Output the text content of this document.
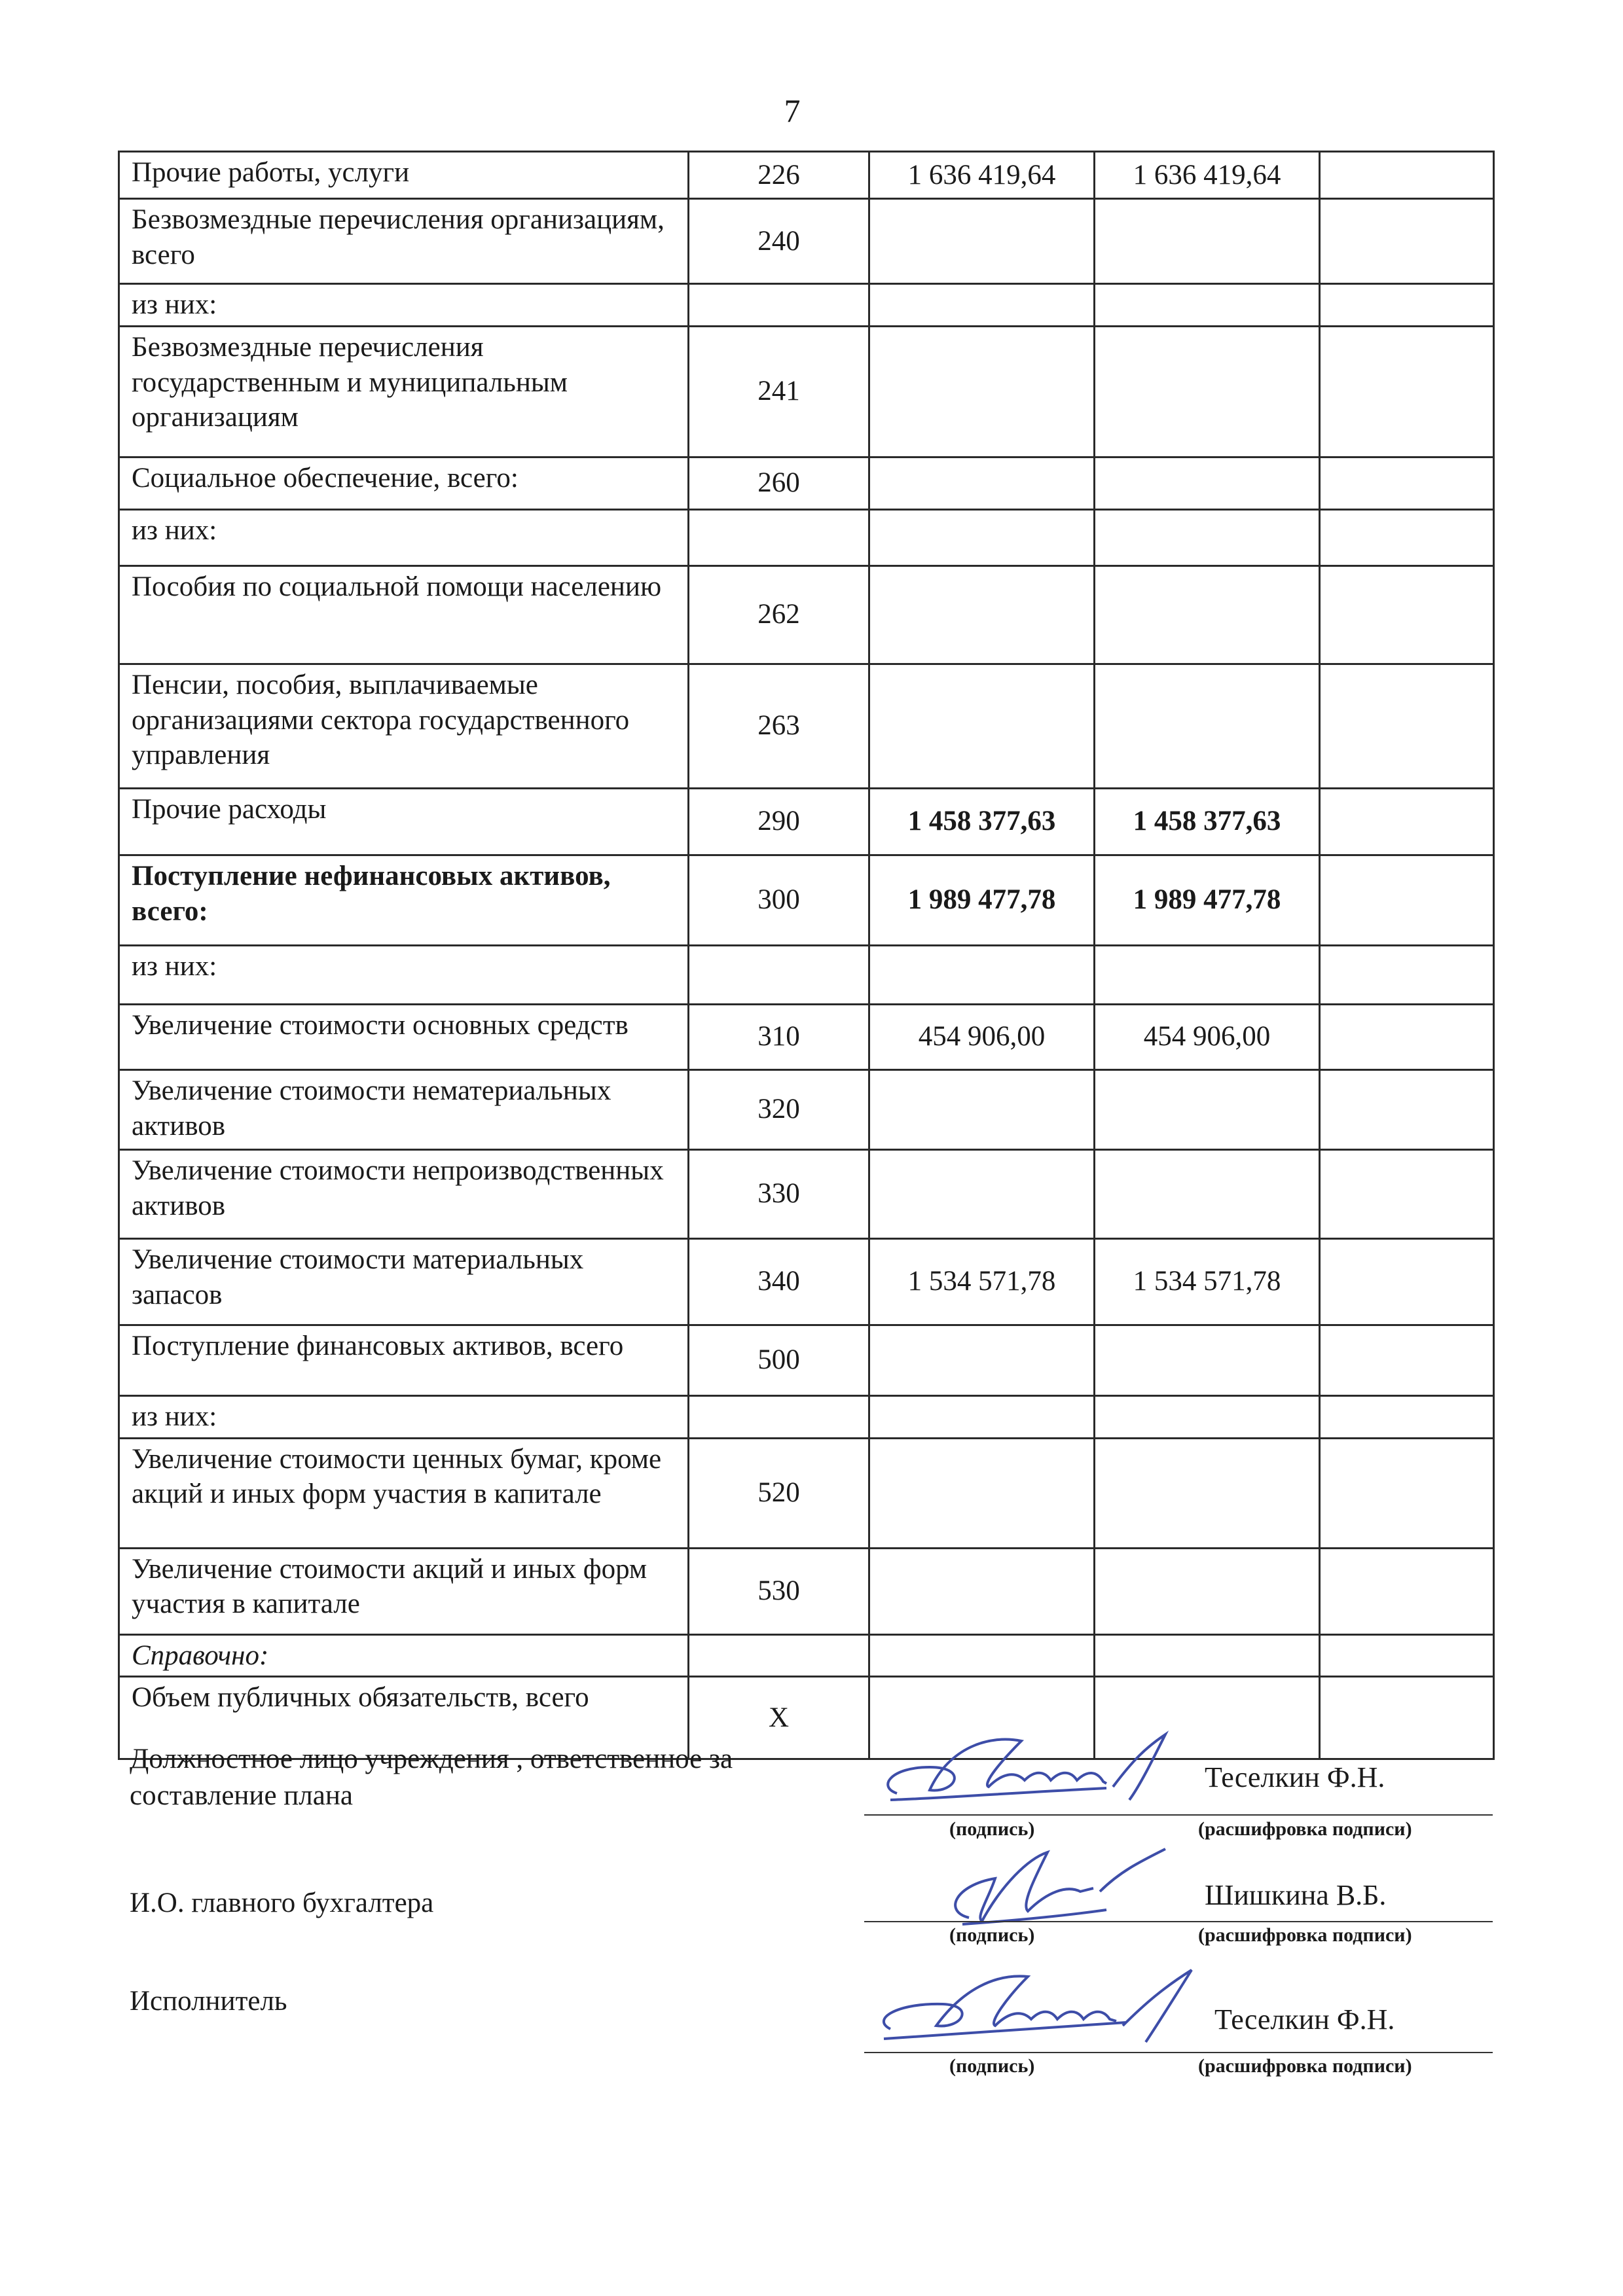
7
Прочие работы, услуги	226	1 636 419,64	1 636 419,64	
Безвозмездные перечисления организациям, всего	240			
из них:				
Безвозмездные перечисления государственным и муниципальным организациям	241			
Социальное обеспечение, всего:	260			
из них:				
Пособия по социальной помощи населению	262			
Пенсии, пособия, выплачиваемые организациями сектора государственного управления	263			
Прочие расходы	290	1 458 377,63	1 458 377,63	
Поступление нефинансовых активов, всего:	300	1 989 477,78	1 989 477,78	
из них:				
Увеличение стоимости основных средств	310	454 906,00	454 906,00	
Увеличение стоимости нематериальных активов	320			
Увеличение стоимости непроизводственных активов	330			
Увеличение стоимости материальных запасов	340	1 534 571,78	1 534 571,78	
Поступление финансовых активов, всего	500			
из них:				
Увеличение стоимости ценных бумаг, кроме акций и иных форм участия в капитале	520			
Увеличение стоимости акций и иных форм участия в капитале	530			
Справочно:				
Объем публичных обязательств, всего	X			
Должностное лицо учреждения , ответственное за составление плана
Теселкин Ф.Н.
(подпись)	(расшифровка подписи)
И.О. главного бухгалтера	Шишкина В.Б.
(подпись)	(расшифровка подписи)
Исполнитель
Теселкин Ф.Н.
(подпись)	(расшифровка подписи)
